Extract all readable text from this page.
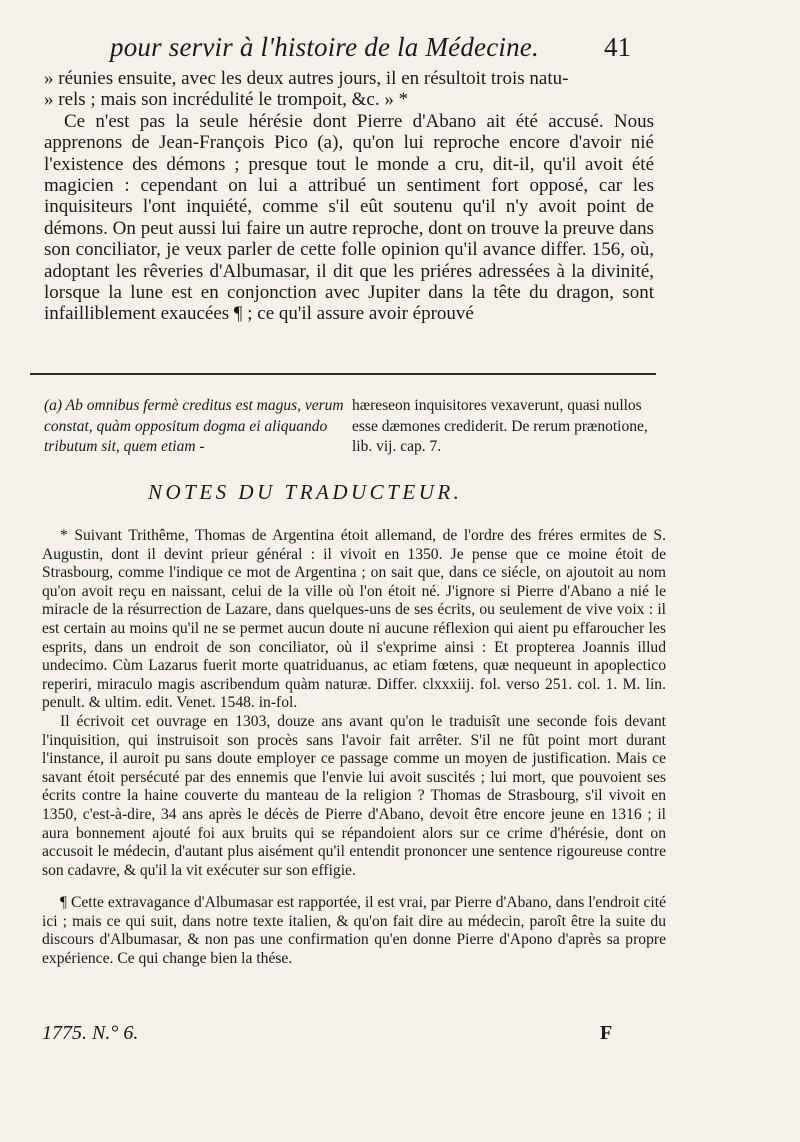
pour servir à l'histoire de la Médecine. 41

» réunies ensuite, avec les deux autres jours, il en résultoit trois natu-

» rels ; mais son incrédulité le trompoit, &c. » *

Ce n'est pas la seule hérésie dont Pierre d'Abano ait été accusé. Nous apprenons de Jean-François Pico (a), qu'on lui reproche encore d'avoir nié l'existence des démons ; presque tout le monde a cru, dit-il, qu'il avoit été magicien : cependant on lui a attribué un sentiment fort opposé, car les inquisiteurs l'ont inquiété, comme s'il eût soutenu qu'il n'y avoit point de démons. On peut aussi lui faire un autre reproche, dont on trouve la preuve dans son conciliator, je veux parler de cette folle opinion qu'il avance differ. 156, où, adoptant les rêveries d'Albumasar, il dit que les priéres adressées à la divinité, lorsque la lune est en conjonction avec Jupiter dans la tête du dragon, sont infailliblement exaucées ¶ ; ce qu'il assure avoir éprouvé

(a) Ab omnibus fermè creditus est magus, verum constat, quàm oppositum dogma ei aliquando tributum sit, quem etiam -

hæreseon inquisitores vexaverunt, quasi nullos esse dæmones crediderit. De rerum prænotione, lib. vij. cap. 7.

NOTES DU TRADUCTEUR.

* Suivant Trithême, Thomas de Argentina étoit allemand, de l'ordre des fréres ermites de S. Augustin, dont il devint prieur général : il vivoit en 1350. Je pense que ce moine étoit de Strasbourg, comme l'indique ce mot de Argentina ; on sait que, dans ce siécle, on ajoutoit au nom qu'on avoit reçu en naissant, celui de la ville où l'on étoit né. J'ignore si Pierre d'Abano a nié le miracle de la résurrection de Lazare, dans quelques-uns de ses écrits, ou seulement de vive voix : il est certain au moins qu'il ne se permet aucun doute ni aucune réflexion qui aient pu effaroucher les esprits, dans un endroit de son conciliator, où il s'exprime ainsi : Et propterea Joannis illud undecimo. Cùm Lazarus fuerit morte quatriduanus, ac etiam fœtens, quæ nequeunt in apoplectico reperiri, miraculo magis ascribendum quàm naturæ. Differ. clxxxiij. fol. verso 251. col. 1. M. lin. penult. & ultim. edit. Venet. 1548. in-fol.

Il écrivoit cet ouvrage en 1303, douze ans avant qu'on le traduisît une seconde fois devant l'inquisition, qui instruisoit son procès sans l'avoir fait arrêter. S'il ne fût point mort durant l'instance, il auroit pu sans doute employer ce passage comme un moyen de justification. Mais ce savant étoit persécuté par des ennemis que l'envie lui avoit suscités ; lui mort, que pouvoient ses écrits contre la haine couverte du manteau de la religion ? Thomas de Strasbourg, s'il vivoit en 1350, c'est-à-dire, 34 ans après le décès de Pierre d'Abano, devoit être encore jeune en 1316 ; il aura bonnement ajouté foi aux bruits qui se répandoient alors sur ce crime d'hérésie, dont on accusoit le médecin, d'autant plus aisément qu'il entendit prononcer une sentence rigoureuse contre son cadavre, & qu'il la vit exécuter sur son effigie.

¶ Cette extravagance d'Albumasar est rapportée, il est vrai, par Pierre d'Abano, dans l'endroit cité ici ; mais ce qui suit, dans notre texte italien, & qu'on fait dire au médecin, paroît être la suite du discours d'Albumasar, & non pas une confirmation qu'en donne Pierre d'Apono d'après sa propre expérience. Ce qui change bien la thése.

1775. N.° 6.	F
